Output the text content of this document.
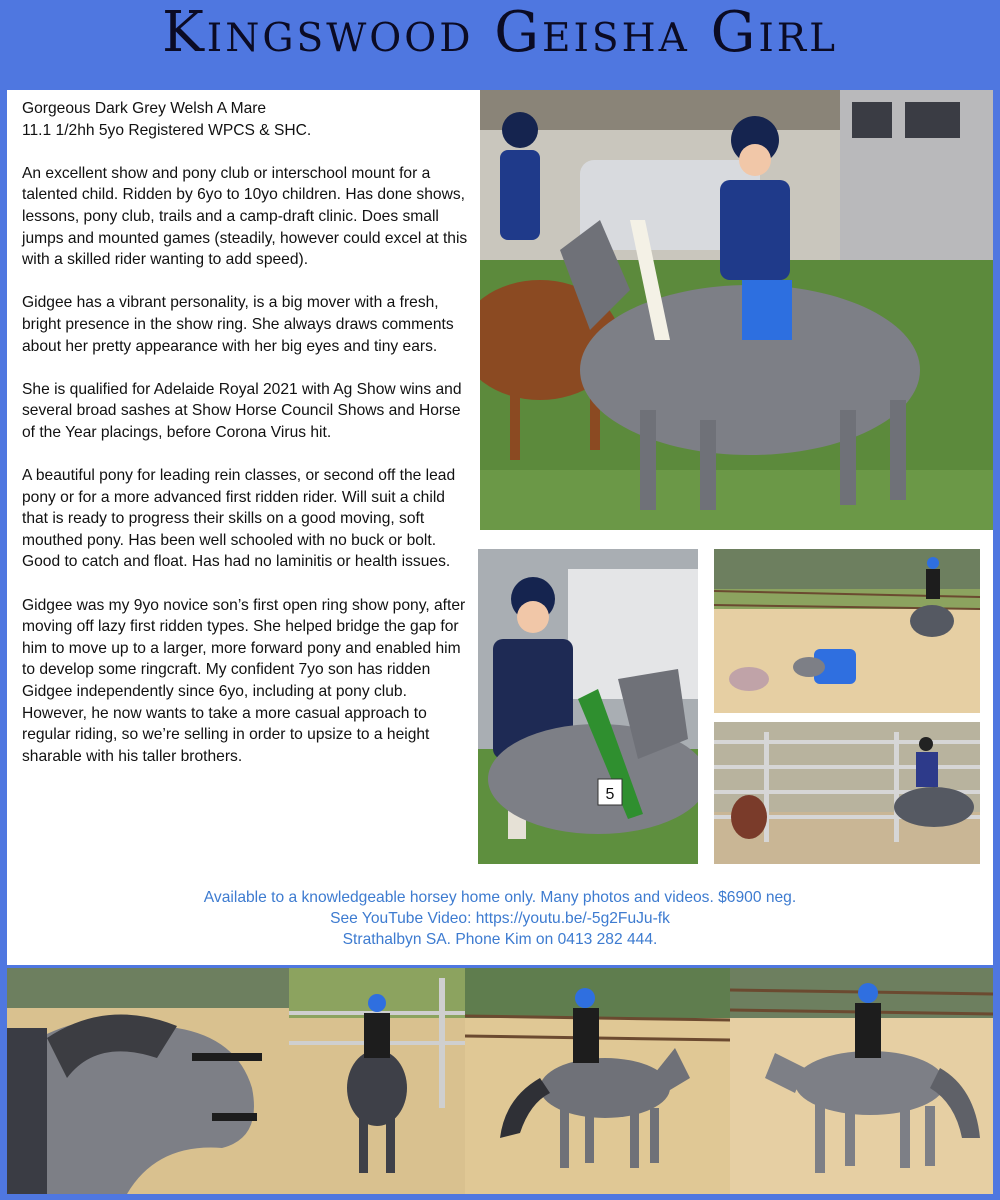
Kingswood Geisha Girl

Gorgeous Dark Grey Welsh A Mare
11.1 1/2hh 5yo Registered WPCS & SHC.

An excellent show and pony club or interschool mount for a talented child. Ridden by 6yo to 10yo children. Has done shows, lessons, pony club, trails and a camp-draft clinic. Does small jumps and mounted games (steadily, however could excel at this with a skilled rider wanting to add speed).

Gidgee has a vibrant personality, is a big mover with a fresh, bright presence in the show ring. She always draws comments about her pretty appearance with her big eyes and tiny ears.

She is qualified for Adelaide Royal 2021 with Ag Show wins and several broad sashes at Show Horse Council Shows and Horse of the Year placings, before Corona Virus hit.

A beautiful pony for leading rein classes, or second off the lead pony or for a more advanced first ridden rider. Will suit a child that is ready to progress their skills on a good moving, soft mouthed pony. Has been well schooled with no buck or bolt. Good to catch and float. Has had no laminitis or health issues.

Gidgee was my 9yo novice son’s first open ring show pony, after moving off lazy first ridden types. She helped bridge the gap for him to move up to a larger, more forward pony and enabled him to develop some ringcraft. My confident 7yo son has ridden Gidgee independently since 6yo, including at pony club. However, he now wants to take a more casual approach to regular riding, so we’re selling in order to upsize to a height sharable with his taller brothers.

5
Available to a knowledgeable horsey home only. Many photos and videos. $6900 neg.
See YouTube Video: https://youtu.be/-5g2FuJu-fk
Strathalbyn SA. Phone Kim on 0413 282 444.
